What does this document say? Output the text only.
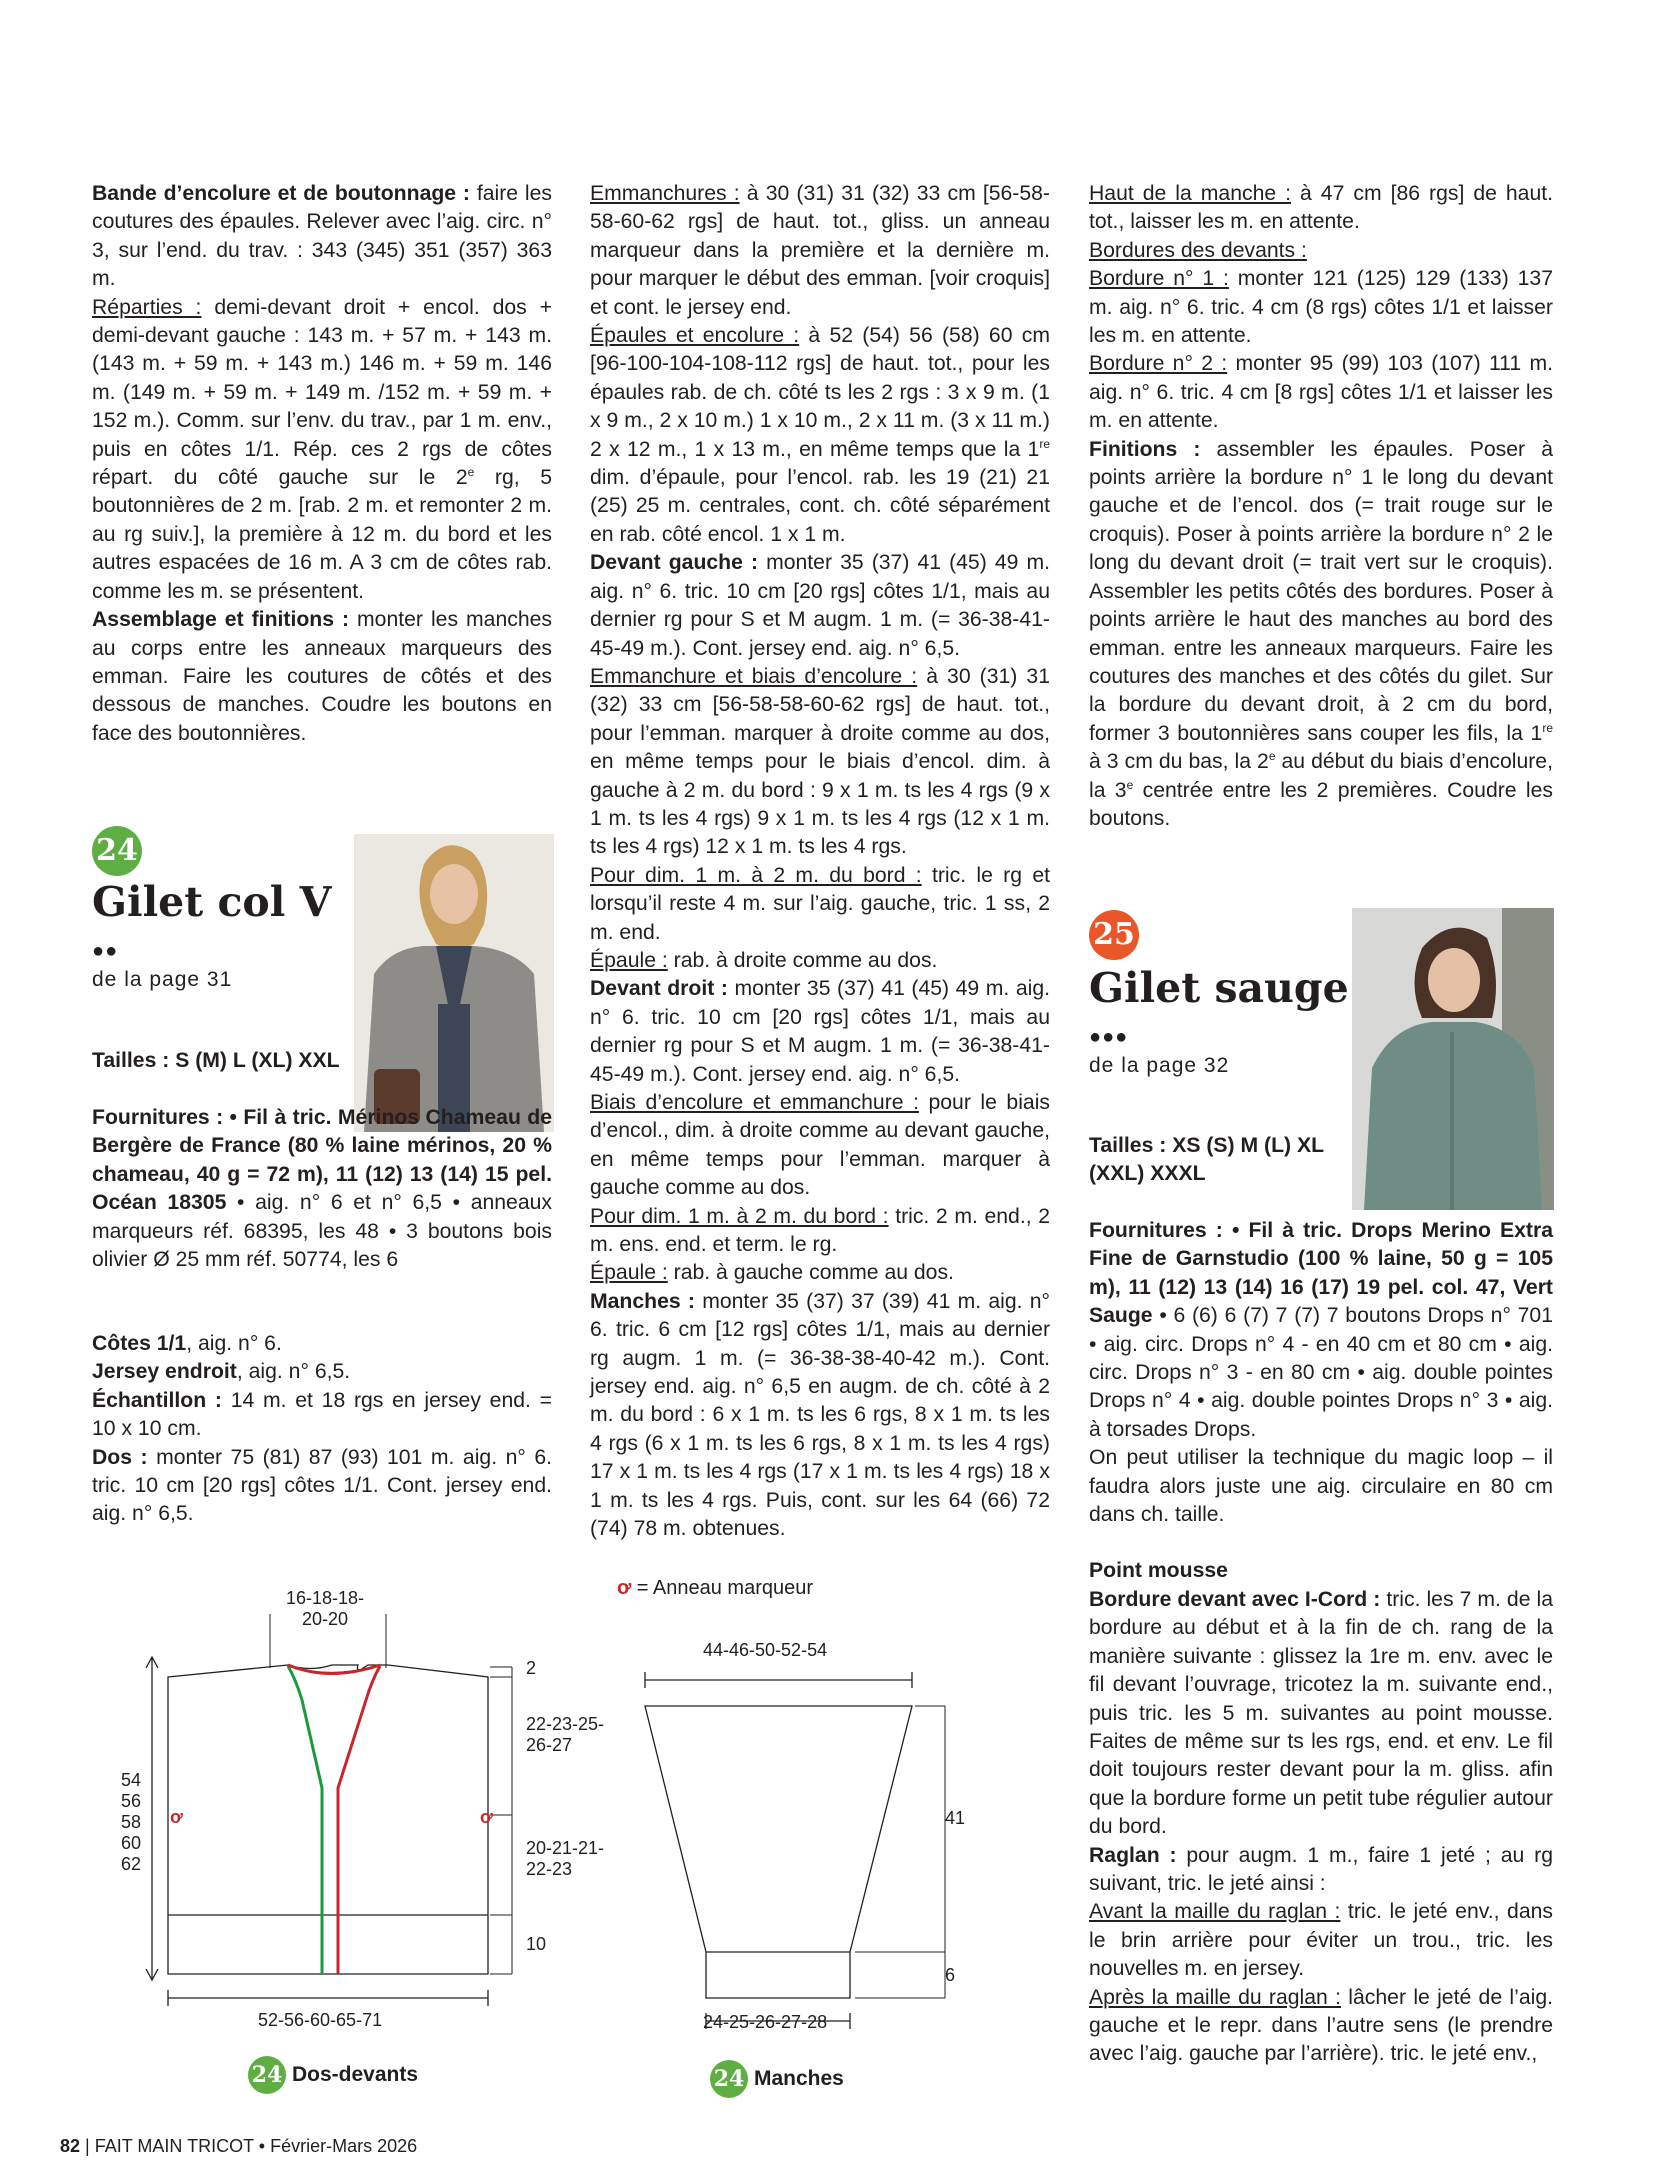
Bande d’encolure et de boutonnage : faire les coutures des épaules. Relever avec l’aig. circ. n° 3, sur l’end. du trav. : 343 (345) 351 (357) 363 m.

Réparties : demi-devant droit + encol. dos + demi-devant gauche : 143 m. + 57 m. + 143 m. (143 m. + 59 m. + 143 m.) 146 m. + 59 m. 146 m. (149 m. + 59 m. + 149 m. /152 m. + 59 m. + 152 m.). Comm. sur l’env. du trav., par 1 m. env., puis en côtes 1/1. Rép. ces 2 rgs de côtes répart. du côté gauche sur le 2e rg, 5 boutonnières de 2 m. [rab. 2 m. et remonter 2 m. au rg suiv.], la première à 12 m. du bord et les autres espacées de 16 m. A 3 cm de côtes rab. comme les m. se présentent.

Assemblage et finitions : monter les manches au corps entre les anneaux marqueurs des emman. Faire les coutures de côtés et des dessous de manches. Coudre les boutons en face des boutonnières.

24
Gilet col V
●●
de la page 31

Tailles : S (M) L (XL) XXL

Fournitures : • Fil à tric. Mérinos Chameau de Bergère de France (80 % laine mérinos, 20 % chameau, 40 g = 72 m), 11 (12) 13 (14) 15 pel. Océan 18305 • aig. n° 6 et n° 6,5 • anneaux marqueurs réf. 68395, les 48 • 3 boutons bois olivier Ø 25 mm réf. 50774, les 6

Côtes 1/1, aig. n° 6.

Jersey endroit, aig. n° 6,5.

Échantillon : 14 m. et 18 rgs en jersey end. = 10 x 10 cm.

Dos : monter 75 (81) 87 (93) 101 m. aig. n° 6. tric. 10 cm [20 rgs] côtes 1/1. Cont. jersey end. aig. n° 6,5.

Emmanchures : à 30 (31) 31 (32) 33 cm [56-58-58-60-62 rgs] de haut. tot., gliss. un anneau marqueur dans la première et la dernière m. pour marquer le début des emman. [voir croquis] et cont. le jersey end.

Épaules et encolure : à 52 (54) 56 (58) 60 cm [96-100-104-108-112 rgs] de haut. tot., pour les épaules rab. de ch. côté ts les 2 rgs : 3 x 9 m. (1 x 9 m., 2 x 10 m.) 1 x 10 m., 2 x 11 m. (3 x 11 m.) 2 x 12 m., 1 x 13 m., en même temps que la 1re dim. d’épaule, pour l’encol. rab. les 19 (21) 21 (25) 25 m. centrales, cont. ch. côté séparément en rab. côté encol. 1 x 1 m.

Devant gauche : monter 35 (37) 41 (45) 49 m. aig. n° 6. tric. 10 cm [20 rgs] côtes 1/1, mais au dernier rg pour S et M augm. 1 m. (= 36-38-41-45-49 m.). Cont. jersey end. aig. n° 6,5.

Emmanchure et biais d’encolure : à 30 (31) 31 (32) 33 cm [56-58-58-60-62 rgs] de haut. tot., pour l’emman. marquer à droite comme au dos, en même temps pour le biais d’encol. dim. à gauche à 2 m. du bord : 9 x 1 m. ts les 4 rgs (9 x 1 m. ts les 4 rgs) 9 x 1 m. ts les 4 rgs (12 x 1 m. ts les 4 rgs) 12 x 1 m. ts les 4 rgs.

Pour dim. 1 m. à 2 m. du bord : tric. le rg et lorsqu’il reste 4 m. sur l’aig. gauche, tric. 1 ss, 2 m. end.

Épaule : rab. à droite comme au dos.

Devant droit : monter 35 (37) 41 (45) 49 m. aig. n° 6. tric. 10 cm [20 rgs] côtes 1/1, mais au dernier rg pour S et M augm. 1 m. (= 36-38-41-45-49 m.). Cont. jersey end. aig. n° 6,5.

Biais d’encolure et emmanchure : pour le biais d’encol., dim. à droite comme au devant gauche, en même temps pour l’emman. marquer à gauche comme au dos.

Pour dim. 1 m. à 2 m. du bord : tric. 2 m. end., 2 m. ens. end. et term. le rg.

Épaule : rab. à gauche comme au dos.

Manches : monter 35 (37) 37 (39) 41 m. aig. n° 6. tric. 6 cm [12 rgs] côtes 1/1, mais au dernier rg augm. 1 m. (= 36-38-38-40-42 m.). Cont. jersey end. aig. n° 6,5 en augm. de ch. côté à 2 m. du bord : 6 x 1 m. ts les 6 rgs, 8 x 1 m. ts les 4 rgs (6 x 1 m. ts les 6 rgs, 8 x 1 m. ts les 4 rgs) 17 x 1 m. ts les 4 rgs (17 x 1 m. ts les 4 rgs) 18 x 1 m. ts les 4 rgs. Puis, cont. sur les 64 (66) 72 (74) 78 m. obtenues.

Haut de la manche : à 47 cm [86 rgs] de haut. tot., laisser les m. en attente.

Bordures des devants :

Bordure n° 1 : monter 121 (125) 129 (133) 137 m. aig. n° 6. tric. 4 cm (8 rgs) côtes 1/1 et laisser les m. en attente.

Bordure n° 2 : monter 95 (99) 103 (107) 111 m. aig. n° 6. tric. 4 cm [8 rgs] côtes 1/1 et laisser les m. en attente.

Finitions : assembler les épaules. Poser à points arrière la bordure n° 1 le long du devant gauche et de l’encol. dos (= trait rouge sur le croquis). Poser à points arrière la bordure n° 2 le long du devant droit (= trait vert sur le croquis). Assembler les petits côtés des bordures. Poser à points arrière le haut des manches au bord des emman. entre les anneaux marqueurs. Faire les coutures des manches et des côtés du gilet. Sur la bordure du devant droit, à 2 cm du bord, former 3 boutonnières sans couper les fils, la 1re à 3 cm du bas, la 2e au début du biais d’encolure, la 3e centrée entre les 2 premières. Coudre les boutons.

25
Gilet sauge
●●●
de la page 32

Tailles : XS (S) M (L) XL (XXL) XXXL

Fournitures : • Fil à tric. Drops Merino Extra Fine de Garnstudio (100 % laine, 50 g = 105 m), 11 (12) 13 (14) 16 (17) 19 pel. col. 47, Vert Sauge • 6 (6) 6 (7) 7 (7) 7 boutons Drops n° 701 • aig. circ. Drops n° 4 - en 40 cm et 80 cm • aig. circ. Drops n° 3 - en 80 cm • aig. double pointes Drops n° 4 • aig. double pointes Drops n° 3 • aig. à torsades Drops.

On peut utiliser la technique du magic loop – il faudra alors juste une aig. circulaire en 80 cm dans ch. taille.

Point mousse

Bordure devant avec I-Cord : tric. les 7 m. de la bordure au début et à la fin de ch. rang de la manière suivante : glissez la 1re m. env. avec le fil devant l’ouvrage, tricotez la m. suivante end., puis tric. les 5 m. suivantes au point mousse. Faites de même sur ts les rgs, end. et env. Le fil doit toujours rester devant pour la m. gliss. afin que la bordure forme un petit tube régulier autour du bord.

Raglan : pour augm. 1 m., faire 1 jeté ; au rg suivant, tric. le jeté ainsi :

Avant la maille du raglan : tric. le jeté env., dans le brin arrière pour éviter un trou., tric. les nouvelles m. en jersey.

Après la maille du raglan : lâcher le jeté de l’aig. gauche et le repr. dans l’autre sens (le prendre avec l’aig. gauche par l’arrière). tric. le jeté env.,

ơ = Anneau marqueur
ơ	ơ
16-18-18-
20-20
2
22-23-25-
26-27
20-21-21-
22-23
10
54
56
58
60
62
52-56-60-65-71
24 Dos-devants
44-46-50-52-54
41
6
24-25-26-27-28
24 Manches
82 | FAIT MAIN TRICOT • Février-Mars 2026
